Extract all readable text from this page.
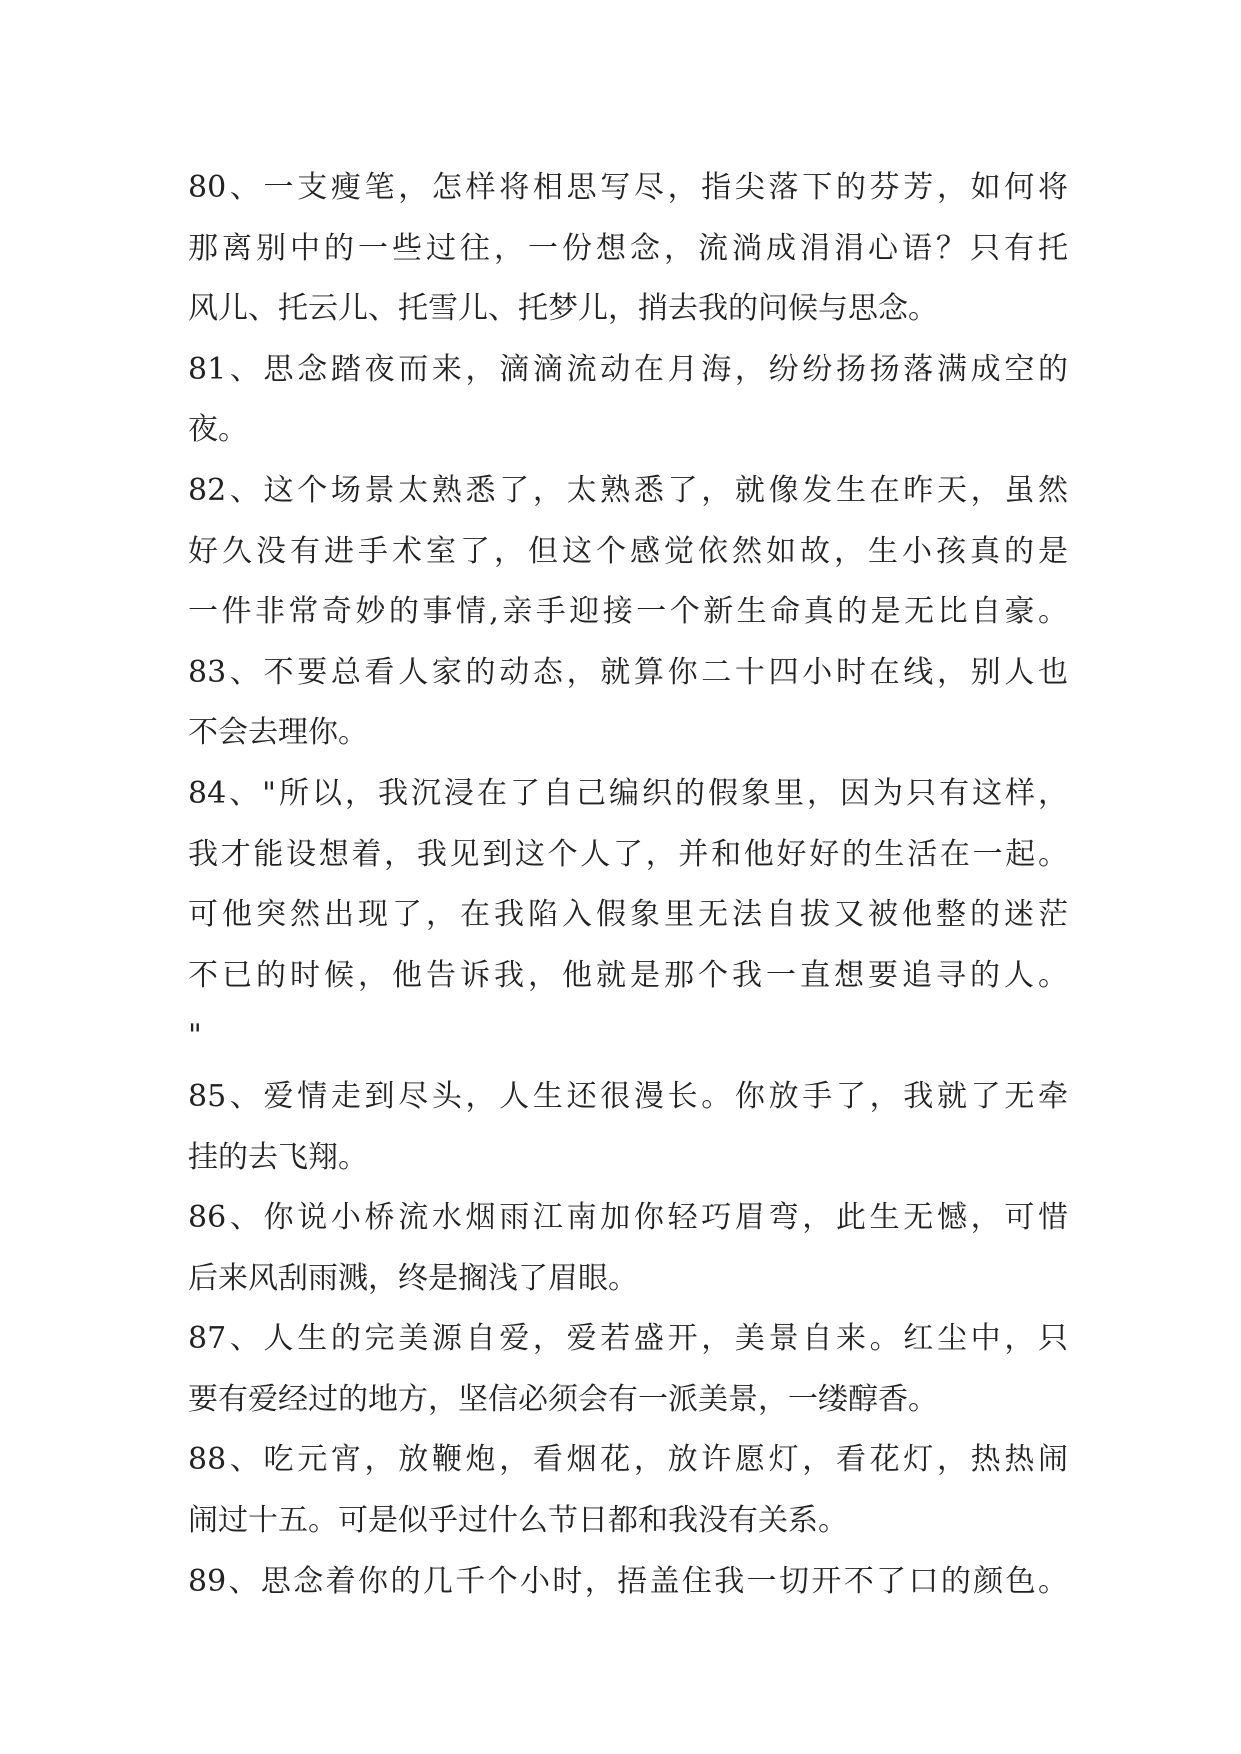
80、一支瘦笔，怎样将相思写尽，指尖落下的芬芳，如何将
那离别中的一些过往，一份想念，流淌成涓涓心语？只有托
风儿、托云儿、托雪儿、托梦儿，捎去我的问候与思念。
81、思念踏夜而来，滴滴流动在月海，纷纷扬扬落满成空的
夜。
82、这个场景太熟悉了，太熟悉了，就像发生在昨天，虽然
好久没有进手术室了，但这个感觉依然如故，生小孩真的是
一件非常奇妙的事情,亲手迎接一个新生命真的是无比自豪。
83、不要总看人家的动态，就算你二十四小时在线，别人也
不会去理你。
84、"所以，我沉浸在了自己编织的假象里，因为只有这样，
我才能设想着，我见到这个人了，并和他好好的生活在一起。
可他突然出现了，在我陷入假象里无法自拔又被他整的迷茫
不已的时候，他告诉我，他就是那个我一直想要追寻的人。
"
85、爱情走到尽头，人生还很漫长。你放手了，我就了无牵
挂的去飞翔。
86、你说小桥流水烟雨江南加你轻巧眉弯，此生无憾，可惜
后来风刮雨溅，终是搁浅了眉眼。
87、人生的完美源自爱，爱若盛开，美景自来。红尘中，只
要有爱经过的地方，坚信必须会有一派美景，一缕醇香。
88、吃元宵，放鞭炮，看烟花，放许愿灯，看花灯，热热闹
闹过十五。可是似乎过什么节日都和我没有关系。
89、思念着你的几千个小时，捂盖住我一切开不了口的颜色。
